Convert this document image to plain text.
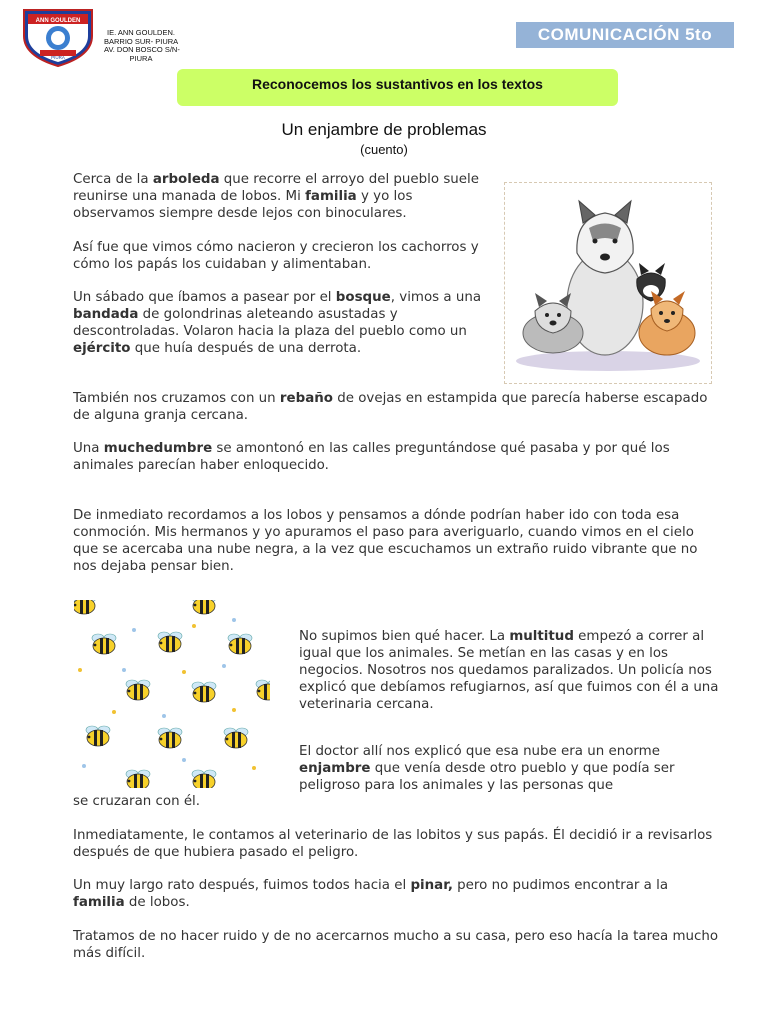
ANN GOULDEN
PIURA
IE. ANN GOULDEN.
BARRIO SUR- PIURA
AV. DON BOSCO S/N-
PIURA
COMUNICACIÓN 5to
Reconocemos los sustantivos en los textos
Un enjambre de problemas
(cuento)
Cerca de la arboleda que recorre el arroyo del pueblo suele reunirse una manada de lobos. Mi familia y yo los observamos siempre desde lejos con binoculares.
Así fue que vimos cómo nacieron y crecieron los cachorros y cómo los papás los cuidaban y alimentaban.
Un sábado que íbamos a pasear por el bosque, vimos a una bandada de golondrinas aleteando asustadas y descontroladas. Volaron hacia la plaza del pueblo como un ejército que huía después de una derrota.
También nos cruzamos con un rebaño de ovejas en estampida que parecía haberse escapado de alguna granja cercana.
Una muchedumbre se amontonó en las calles preguntándose qué pasaba y por qué los animales parecían haber enloquecido.
De inmediato recordamos a los lobos y pensamos a dónde podrían haber ido con toda esa conmoción. Mis hermanos y yo apuramos el paso para averiguarlo, cuando vimos en el cielo que se acercaba una nube negra, a la vez que escuchamos un extraño ruido vibrante que no nos dejaba pensar bien.
No supimos bien qué hacer. La multitud empezó a correr al igual que los animales. Se metían en las casas y en los negocios. Nosotros nos quedamos paralizados. Un policía nos explicó que debíamos refugiarnos, así que fuimos con él a una veterinaria cercana.
El doctor allí nos explicó que esa nube era un enorme enjambre que venía desde otro pueblo y que podía ser peligroso para los animales y las personas que
se cruzaran con él.
Inmediatamente, le contamos al veterinario de las lobitos y sus papás. Él decidió ir a revisarlos después de que hubiera pasado el peligro.
Un muy largo rato después, fuimos todos hacia el pinar, pero no pudimos encontrar a la familia de lobos.
Tratamos de no hacer ruido y de no acercarnos mucho a su casa, pero eso hacía la tarea mucho más difícil.
